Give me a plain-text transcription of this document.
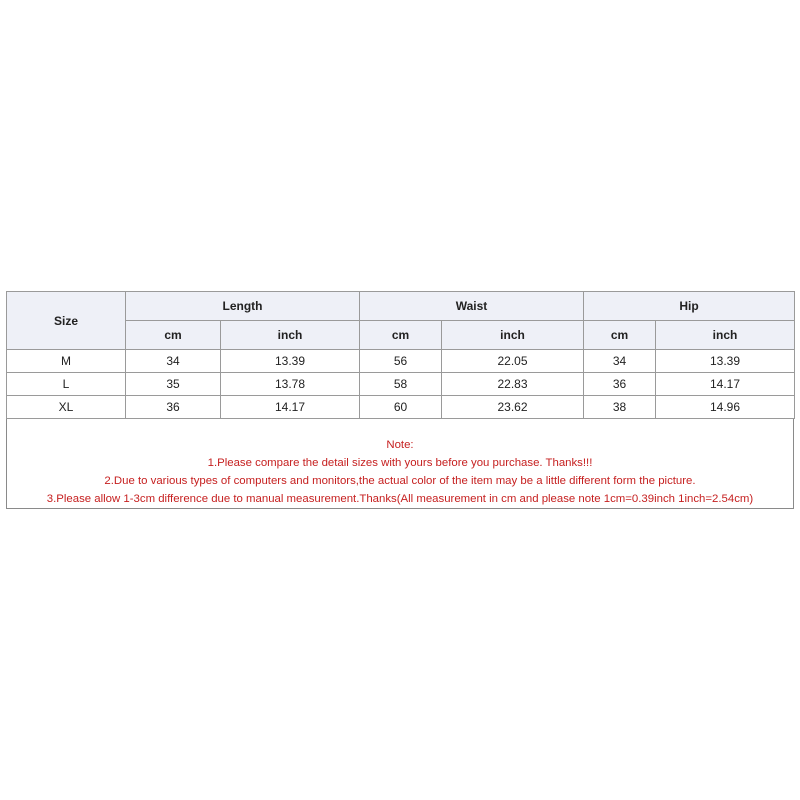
Size	Length		Waist		Hip	
	cm	inch	cm	inch	cm	inch
M	34	13.39	56	22.05	34	13.39
L	35	13.78	58	22.83	36	14.17
XL	36	14.17	60	23.62	38	14.96
Note:
1.Please compare the detail sizes with yours before you purchase. Thanks!!!
2.Due to various types of computers and monitors,the actual color of the item may be a little different form the picture.
3.Please allow 1-3cm difference due to manual measurement.Thanks(All measurement in cm and please note 1cm=0.39inch 1inch=2.54cm)
